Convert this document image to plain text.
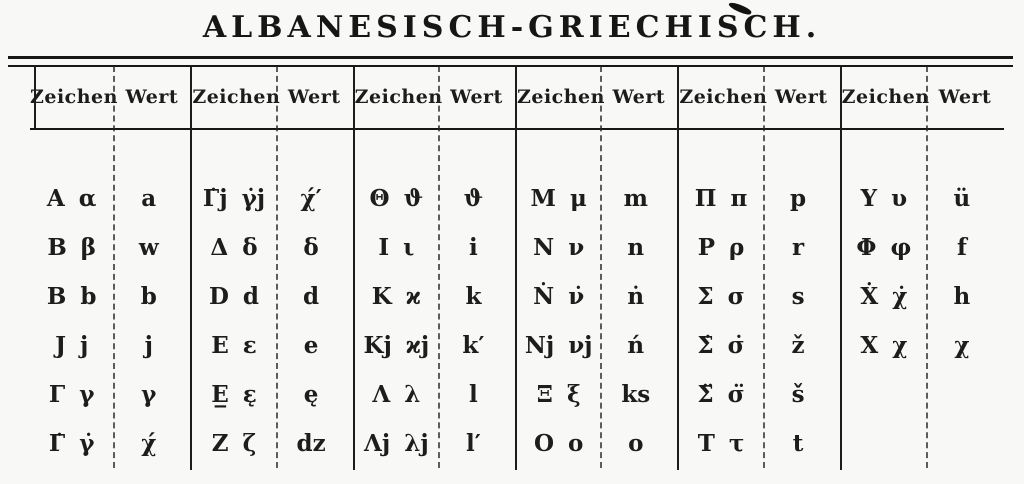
ALBANESISCH-GRIECHISCH.
Zeichen Wert
A α	a
B β	w
B b	b
J j	j
Γ γ	γ
Γ̇ γ̇	χ́
Zeichen Wert
Γ̇j γ̇j	χ́′
Δ δ	δ
D d	d
E ε	e
E̲ ε̨	ę
Z ζ	dz
Zeichen Wert
Θ ϑ	ϑ
I ι	i
K ϰ	k
Kj ϰj	k′
Λ λ	l
Λj λj	l′
Zeichen Wert
M μ	m
N ν	n
Ṅ ν̇	ṅ
Nj νj	ń
Ξ ξ	ks
O ο	o
Zeichen Wert
Π π	p
P ρ	r
Σ σ	s
Σ̇ σ̇	ž
Σ̈ σ̈	š
T τ	t
Zeichen Wert
Υ υ	ü
Φ φ	f
Ẋ χ̇	h
X χ	χ
